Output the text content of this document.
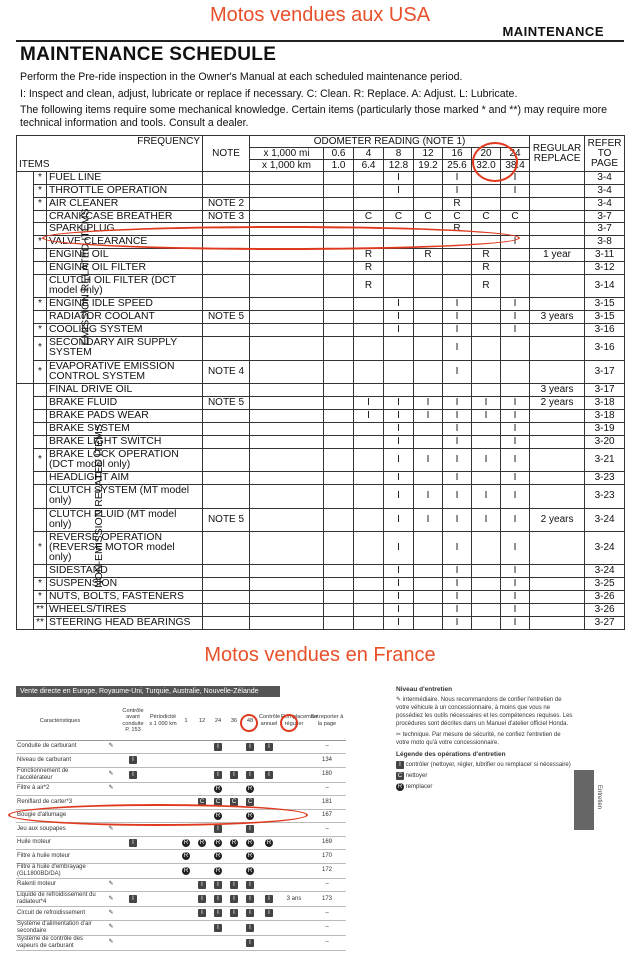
Motos vendues aux USA
MAINTENANCE
MAINTENANCE SCHEDULE
Perform the Pre-ride inspection in the Owner's Manual at each scheduled maintenance period.
I: Inspect and clean, adjust, lubricate or replace if necessary. C: Clean. R: Replace. A: Adjust. L: Lubricate.
The following items require some mechanical knowledge. Certain items (particularly those marked * and **) may require more technical information and tools. Consult a dealer.
FREQUENCY			NOTE	ODOMETER READING (NOTE 1)								REGULAR REPLACE	REFER TO PAGE
				x 1,000 mi	0.6	4	8	12	16	20	24		
ITEMS				x 1,000 km	1.0	6.4	12.8	19.2	25.6	32.0	38.4		
EMISSION RELATED ITEMS	*	FUEL LINE					I		I		I		3-4
	*	THROTTLE OPERATION					I		I		I		3-4
	*	AIR CLEANER	NOTE 2						R				3-4
		CRANKCASE BREATHER	NOTE 3			C	C	C	C	C	C		3-7
		SPARK PLUG							R				3-7
	*	VALVE CLEARANCE									I		3-8
		ENGINE OIL				R		R		R		1 year	3-11
		ENGINE OIL FILTER				R				R			3-12
		CLUTCH OIL FILTER (DCT model only)				R				R			3-14
	*	ENGINE IDLE SPEED					I		I		I		3-15
		RADIATOR COOLANT	NOTE 5				I		I		I	3 years	3-15
	*	COOLING SYSTEM					I		I		I		3-16
	*	SECONDARY AIR SUPPLY SYSTEM							I				3-16
	*	EVAPORATIVE EMISSION CONTROL SYSTEM	NOTE 4						I				3-17
NON-EMISSION RELATED ITEMS		FINAL DRIVE OIL										3 years	3-17
		BRAKE FLUID	NOTE 5			I	I	I	I	I	I	2 years	3-18
		BRAKE PADS WEAR				I	I	I	I	I	I		3-18
		BRAKE SYSTEM					I		I		I		3-19
		BRAKE LIGHT SWITCH					I		I		I		3-20
	*	BRAKE LOCK OPERATION (DCT model only)					I	I	I	I	I		3-21
		HEADLIGHT AIM					I		I		I		3-23
		CLUTCH SYSTEM (MT model only)					I	I	I	I	I		3-23
		CLUTCH FLUID (MT model only)	NOTE 5				I	I	I	I	I	2 years	3-24
	*	REVERSE OPERATION (REVERSE MOTOR model only)					I		I		I		3-24
		SIDESTAND					I		I		I		3-24
	*	SUSPENSION					I		I		I		3-25
	*	NUTS, BOLTS, FASTENERS					I		I		I		3-26
	**	WHEELS/TIRES					I		I		I		3-26
	**	STEERING HEAD BEARINGS					I		I		I		3-27
Motos vendues en France
Vente directe en Europe, Royaume-Uni, Turquie, Australie, Nouvelle-Zélande
Caractéristiques		Contrôle avant conduite
P. 153	Périodicité
x 1 000 km	1	12	24	36	48	Contrôle annuel	Remplacement régulier	Se reporter à la page
Conduite de carburant	✎					I		I	I		–
Niveau de carburant		I									134
Fonctionnement de l'accélérateur	✎	I				I	I	I	I		180
Filtre à air*2	✎					R		R			–
Reniflard de carter*3					C	C	C	C			181
Bougie d'allumage						R		R			167
Jeu aux soupapes	✎					I		I			–
Huile moteur		I		R	R	R	R	R	R		169
Filtre à huile moteur				R		R		R			170
Filtre à huile d'embrayage (GL1800BD/DA)				R		R		R			172
Ralenti moteur	✎				I	I	I	I			–
Liquide de refroidissement du radiateur*4	✎	I			I	I	I	I	I	3 ans	173
Circuit de refroidissement	✎				I	I	I	I	I		–
Système d'alimentation d'air secondaire	✎					I		I			–
Système de contrôle des vapeurs de carburant	✎							I			–
Niveau d'entretien
✎ intermédiaire. Nous recommandons de confier l'entretien de votre véhicule à un concessionnaire, à moins que vous ne possédiez les outils nécessaires et les compétences requises. Les procédures sont décrites dans un Manuel d'atelier officiel Honda.
✂ technique. Par mesure de sécurité, ne confiez l'entretien de votre moto qu'à votre concessionnaire.
Légende des opérations d'entretien
I contrôler (nettoyer, régler, lubrifier ou remplacer si nécessaire)
C nettoyer
R remplacer	Entretien
